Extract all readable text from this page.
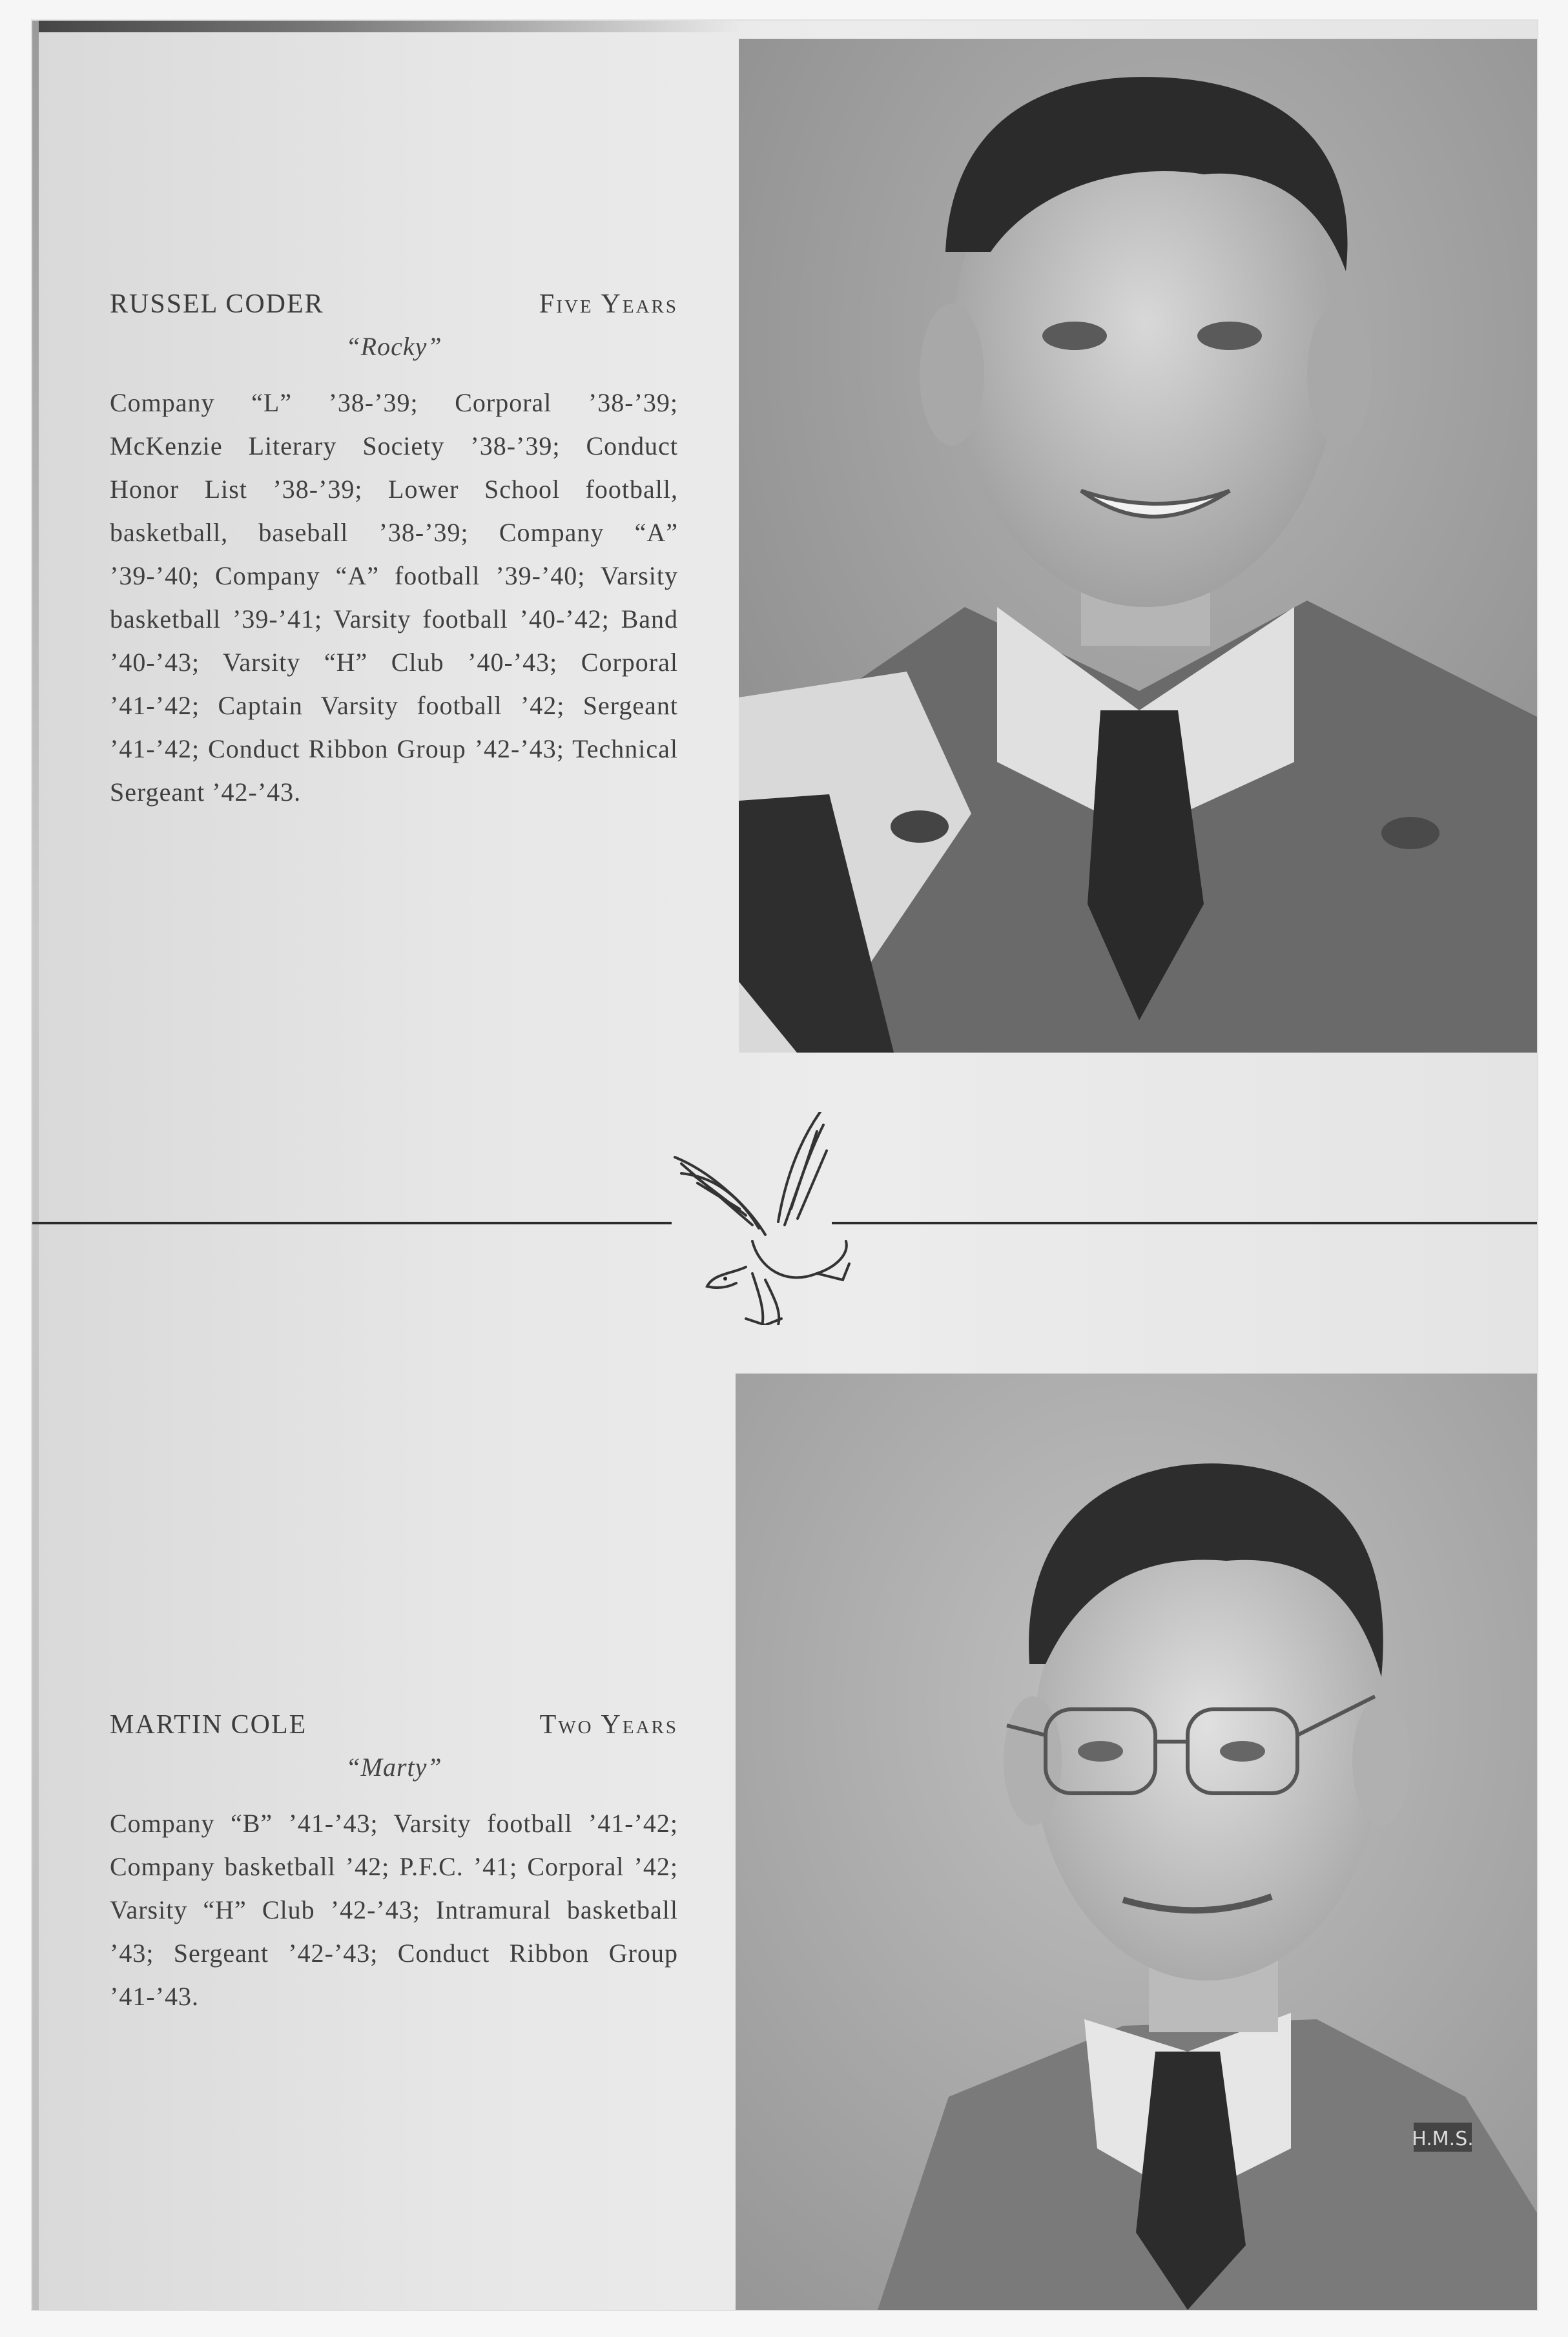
RUSSEL CODER	Five Years
“Rocky”
Company “L” ’38-’39; Corporal ’38-’39; McKenzie Literary Society ’38-’39; Conduct Honor List ’38-’39; Lower School football, basketball, baseball ’38-’39; Company “A” ’39-’40; Company “A” football ’39-’40; Varsity basketball ’39-’41; Varsity football ’40-’42; Band ’40-’43; Varsity “H” Club ’40-’43; Corporal ’41-’42; Captain Varsity football ’42; Sergeant ’41-’42; Conduct Ribbon Group ’42-’43; Technical Sergeant ’42-’43.
MARTIN COLE	Two Years
“Marty”
Company “B” ’41-’43; Varsity football ’41-’42; Company basketball ’42; P.F.C. ’41; Corporal ’42; Varsity “H” Club ’42-’43; Intramural basketball ’43; Sergeant ’42-’43; Conduct Ribbon Group ’41-’43.
H.M.S.
